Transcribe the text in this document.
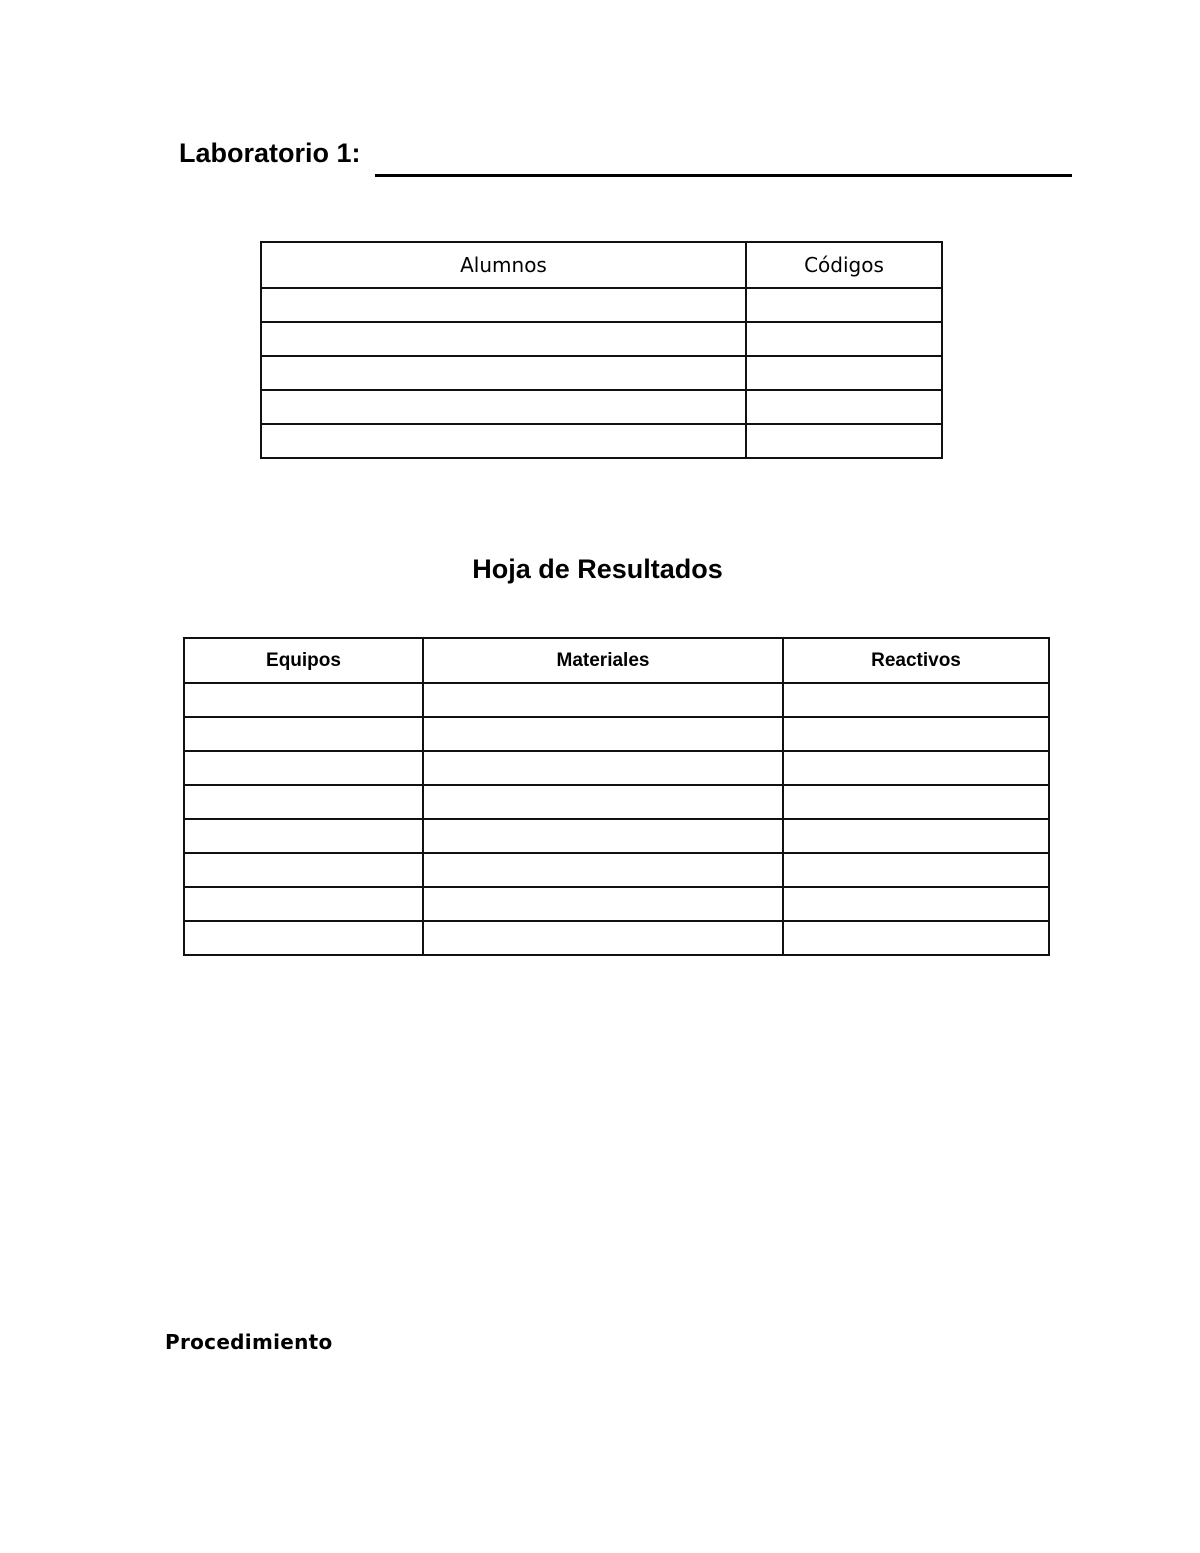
Laboratorio 1:
Alumnos	Códigos

Hoja de Resultados
Equipos	Materiales	Reactivos

Procedimiento
